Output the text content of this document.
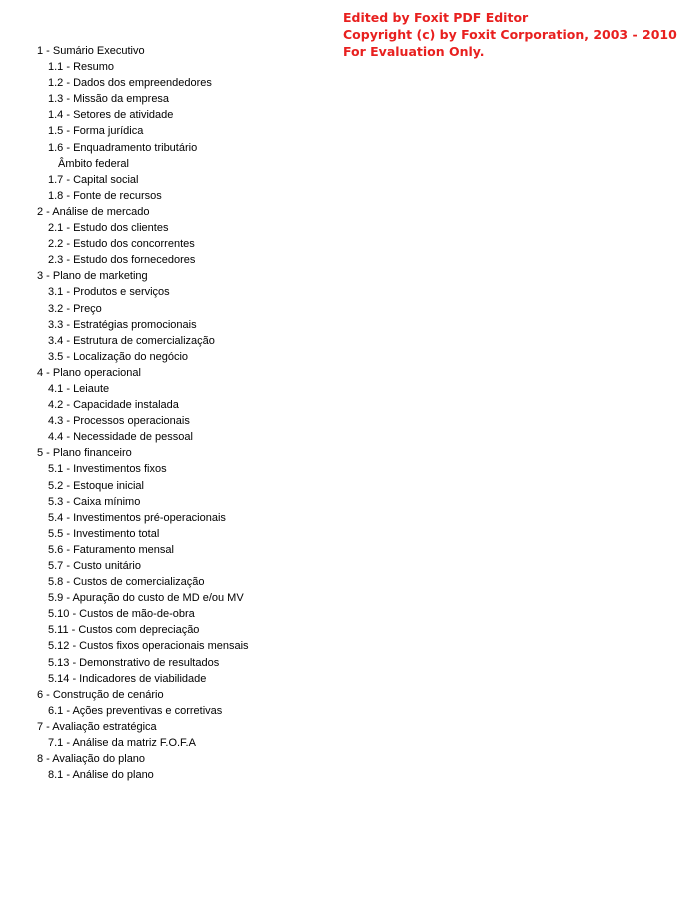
Edited by Foxit PDF Editor
Copyright (c) by Foxit Corporation, 2003 - 2010
For Evaluation Only.
1 - Sumário Executivo
1.1 - Resumo
1.2 - Dados dos empreendedores
1.3 - Missão da empresa
1.4 - Setores de atividade
1.5 - Forma jurídica
1.6 - Enquadramento tributário
Âmbito federal
1.7 - Capital social
1.8 - Fonte de recursos
2 - Análise de mercado
2.1 - Estudo dos clientes
2.2 - Estudo dos concorrentes
2.3 - Estudo dos fornecedores
3 - Plano de marketing
3.1 - Produtos e serviços
3.2 - Preço
3.3 - Estratégias promocionais
3.4 - Estrutura de comercialização
3.5 - Localização do negócio
4 - Plano operacional
4.1 - Leiaute
4.2 - Capacidade instalada
4.3 - Processos operacionais
4.4 - Necessidade de pessoal
5 - Plano financeiro
5.1 - Investimentos fixos
5.2 - Estoque inicial
5.3 - Caixa mínimo
5.4 - Investimentos pré-operacionais
5.5 - Investimento total
5.6 - Faturamento mensal
5.7 - Custo unitário
5.8 - Custos de comercialização
5.9 - Apuração do custo de MD e/ou MV
5.10 - Custos de mão-de-obra
5.11 - Custos com depreciação
5.12 - Custos fixos operacionais mensais
5.13 - Demonstrativo de resultados
5.14 - Indicadores de viabilidade
6 - Construção de cenário
6.1 - Ações preventivas e corretivas
7 - Avaliação estratégica
7.1 - Análise da matriz F.O.F.A
8 - Avaliação do plano
8.1 - Análise do plano
